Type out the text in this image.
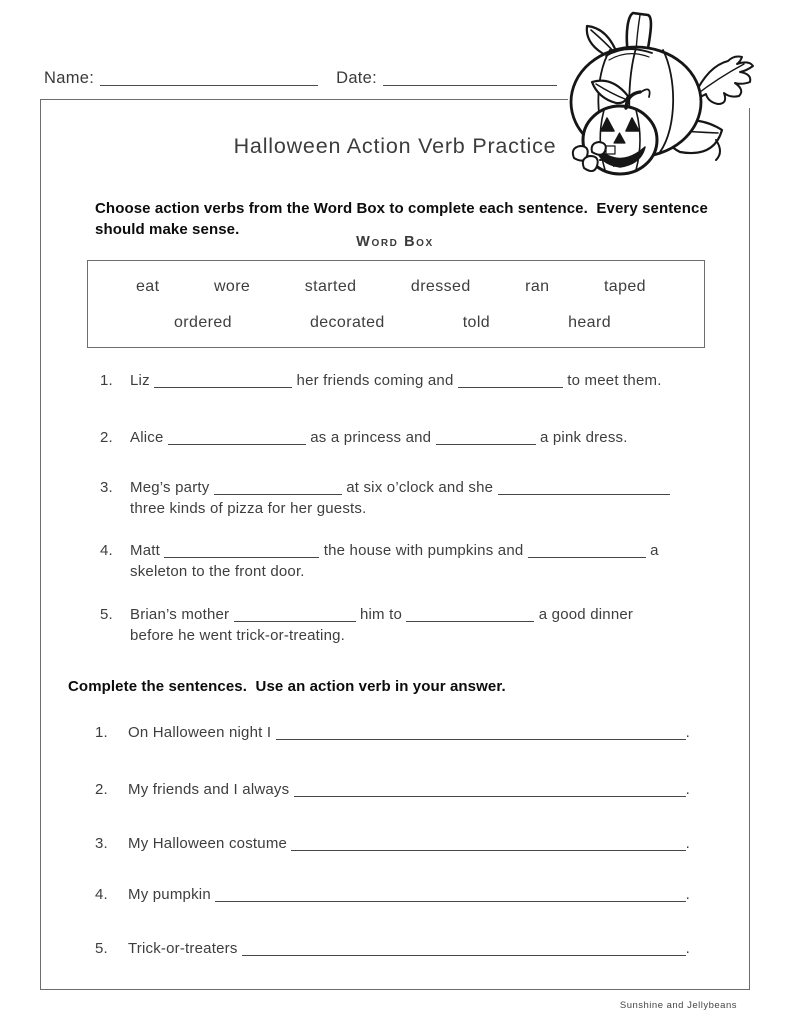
Name:	Date:
Halloween Action Verb Practice
Choose action verbs from the Word Box to complete each sentence.  Every sentence should make sense.
Word Box
eat	wore	started	dressed	ran	taped
ordered	decorated	told	heard
1.	Liz	her friends coming and	to meet them.
2.	Alice	as a princess and	a pink dress.
3.	Meg’s party	at six o’clock and she
three kinds of pizza for her guests.
4.	Matt	the house with pumpkins and	a
skeleton to the front door.
5.	Brian’s mother	him to	a good dinner
before he went trick-or-treating.
Complete the sentences.  Use an action verb in your answer.
1.	On Halloween night I	.
2.	My friends and I always	.
3.	My Halloween costume	.
4.	My pumpkin	.
5.	Trick-or-treaters	.
Sunshine and Jellybeans
